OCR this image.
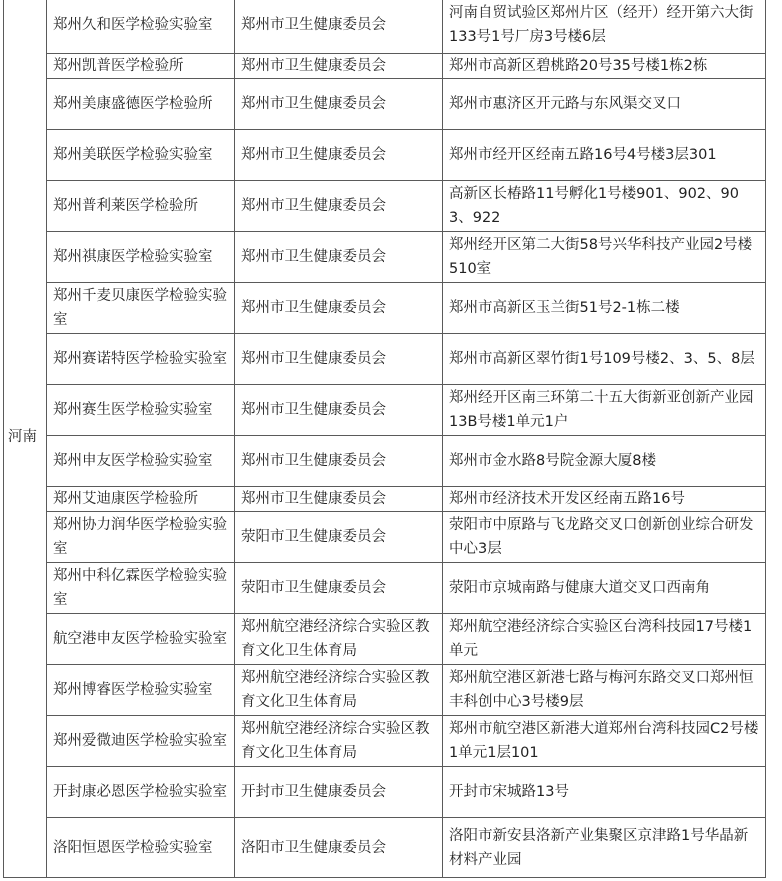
河南	郑州久和医学检验实验室	郑州市卫生健康委员会	河南自贸试验区郑州片区（经开）经开第六大街133号1号厂房3号楼6层
	郑州凯普医学检验所	郑州市卫生健康委员会	郑州市高新区碧桃路20号35号楼1栋2栋
	郑州美康盛德医学检验所	郑州市卫生健康委员会	郑州市惠济区开元路与东风渠交叉口
	郑州美联医学检验实验室	郑州市卫生健康委员会	郑州市经开区经南五路16号4号楼3层301
	郑州普利莱医学检验所	郑州市卫生健康委员会	高新区长椿路11号孵化1号楼901、902、903、922
	郑州祺康医学检验实验室	郑州市卫生健康委员会	郑州经开区第二大街58号兴华科技产业园2号楼510室
	郑州千麦贝康医学检验实验室	郑州市卫生健康委员会	郑州市高新区玉兰街51号2-1栋二楼
	郑州赛诺特医学检验实验室	郑州市卫生健康委员会	郑州市高新区翠竹街1号109号楼2、3、5、8层
	郑州赛生医学检验实验室	郑州市卫生健康委员会	郑州经开区南三环第二十五大街新亚创新产业园13B号楼1单元1户
	郑州申友医学检验实验室	郑州市卫生健康委员会	郑州市金水路8号院金源大厦8楼
	郑州艾迪康医学检验所	郑州市卫生健康委员会	郑州市经济技术开发区经南五路16号
	郑州协力润华医学检验实验室	荥阳市卫生健康委员会	荥阳市中原路与飞龙路交叉口创新创业综合研发中心3层
	郑州中科亿霖医学检验实验室	荥阳市卫生健康委员会	荥阳市京城南路与健康大道交叉口西南角
	航空港申友医学检验实验室	郑州航空港经济综合实验区教育文化卫生体育局	郑州航空港经济综合实验区台湾科技园17号楼1单元
	郑州博睿医学检验实验室	郑州航空港经济综合实验区教育文化卫生体育局	郑州航空港区新港七路与梅河东路交叉口郑州恒丰科创中心3号楼9层
	郑州爱微迪医学检验实验室	郑州航空港经济综合实验区教育文化卫生体育局	郑州市航空港区新港大道郑州台湾科技园C2号楼1单元1层101
	开封康必恩医学检验实验室	开封市卫生健康委员会	开封市宋城路13号
	洛阳恒恩医学检验实验室	洛阳市卫生健康委员会	洛阳市新安县洛新产业集聚区京津路1号华晶新材料产业园
